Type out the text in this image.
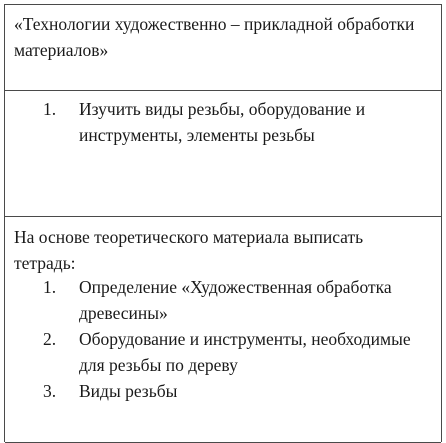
«Технологии художественно – прикладной обработки материалов»
1. Изучить виды резьбы, оборудование и инструменты, элементы резьбы
На основе теоретического материала выписать тетрадь:
1. Определение «Художественная обработка древесины»
2. Оборудование и инструменты, необходимые для резьбы по дереву
3. Виды резьбы
